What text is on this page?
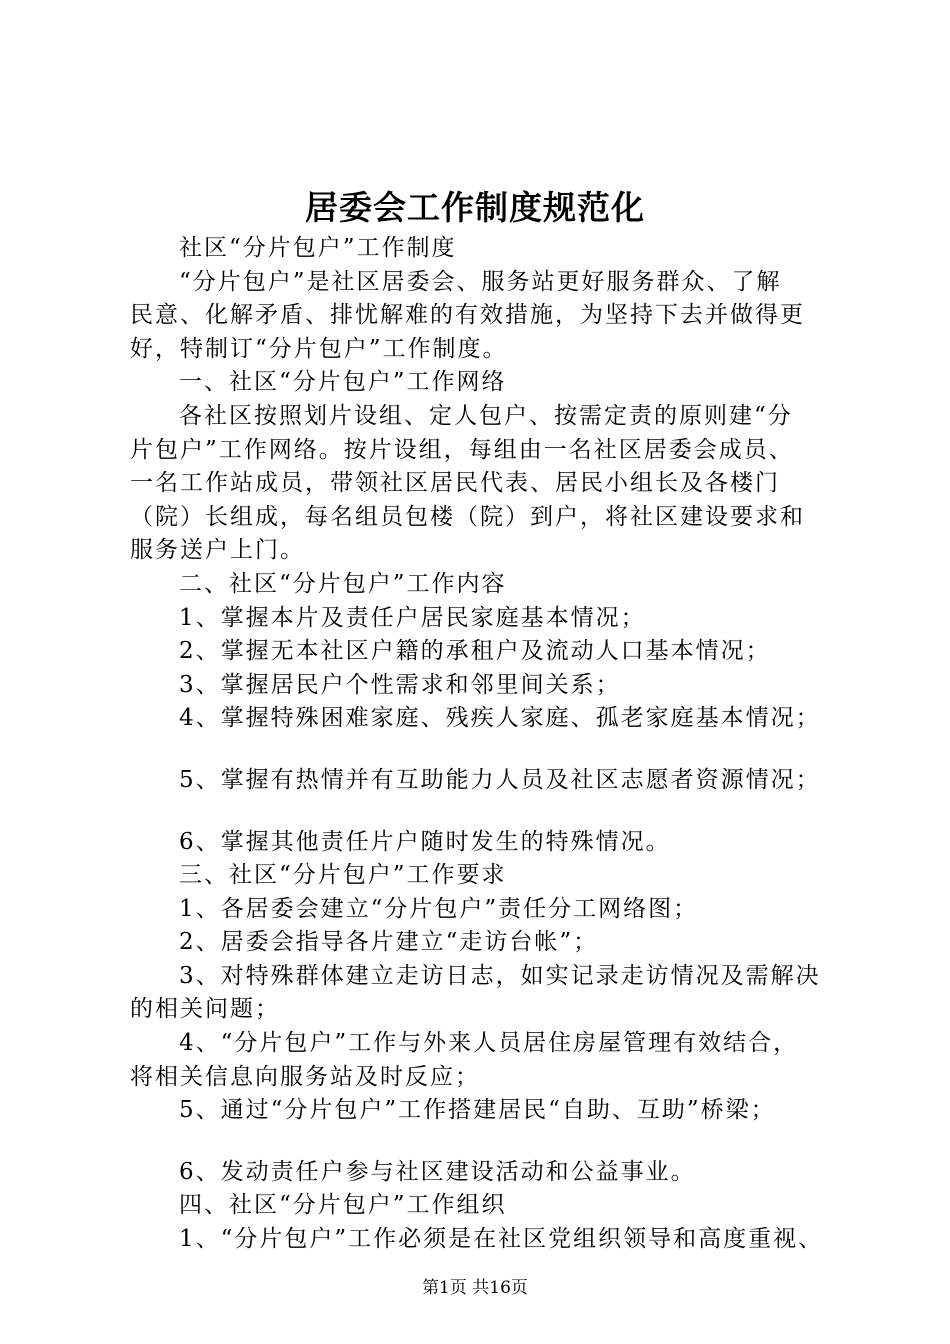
居委会工作制度规范化
社区“分片包户”工作制度
“分片包户”是社区居委会、服务站更好服务群众、了解
民意、化解矛盾、排忧解难的有效措施，为坚持下去并做得更
好，特制订“分片包户”工作制度。
一、社区“分片包户”工作网络
各社区按照划片设组、定人包户、按需定责的原则建“分
片包户”工作网络。按片设组，每组由一名社区居委会成员、
一名工作站成员，带领社区居民代表、居民小组长及各楼门
（院）长组成，每名组员包楼（院）到户，将社区建设要求和
服务送户上门。
二、社区“分片包户”工作内容
1、掌握本片及责任户居民家庭基本情况；
2、掌握无本社区户籍的承租户及流动人口基本情况；
3、掌握居民户个性需求和邻里间关系；
4、掌握特殊困难家庭、残疾人家庭、孤老家庭基本情况；
5、掌握有热情并有互助能力人员及社区志愿者资源情况；
6、掌握其他责任片户随时发生的特殊情况。
三、社区“分片包户”工作要求
1、各居委会建立“分片包户”责任分工网络图；
2、居委会指导各片建立“走访台帐”；
3、对特殊群体建立走访日志，如实记录走访情况及需解决
的相关问题；
4、“分片包户”工作与外来人员居住房屋管理有效结合，
将相关信息向服务站及时反应；
5、通过“分片包户”工作搭建居民“自助、互助”桥梁；
6、发动责任户参与社区建设活动和公益事业。
四、社区“分片包户”工作组织
1、“分片包户”工作必须是在社区党组织领导和高度重视、
第1页 共16页
